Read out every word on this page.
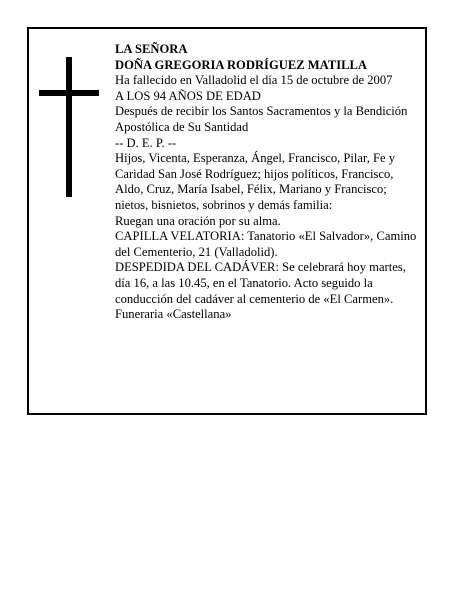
LA SEÑORA

DOÑA GREGORIA RODRÍGUEZ MATILLA

Ha fallecido en Valladolid el día 15 de octubre de 2007

A LOS 94 AÑOS DE EDAD

Después de recibir los Santos Sacramentos y la Bendición Apostólica de Su Santidad

-- D. E. P. --

Hijos, Vicenta, Esperanza, Ángel, Francisco, Pilar, Fe y Caridad San José Rodríguez; hijos políticos, Francisco, Aldo, Cruz, María Isabel, Félix, Mariano y Francisco; nietos, bisnietos, sobrinos y demás familia:

Ruegan una oración por su alma.

CAPILLA VELATORIA: Tanatorio «El Salvador», Camino del Cementerio, 21 (Valladolid).

DESPEDIDA DEL CADÁVER: Se celebrará hoy martes, día 16, a las 10.45, en el Tanatorio. Acto seguido la conducción del cadáver al cementerio de «El Carmen».

Funeraria «Castellana»
